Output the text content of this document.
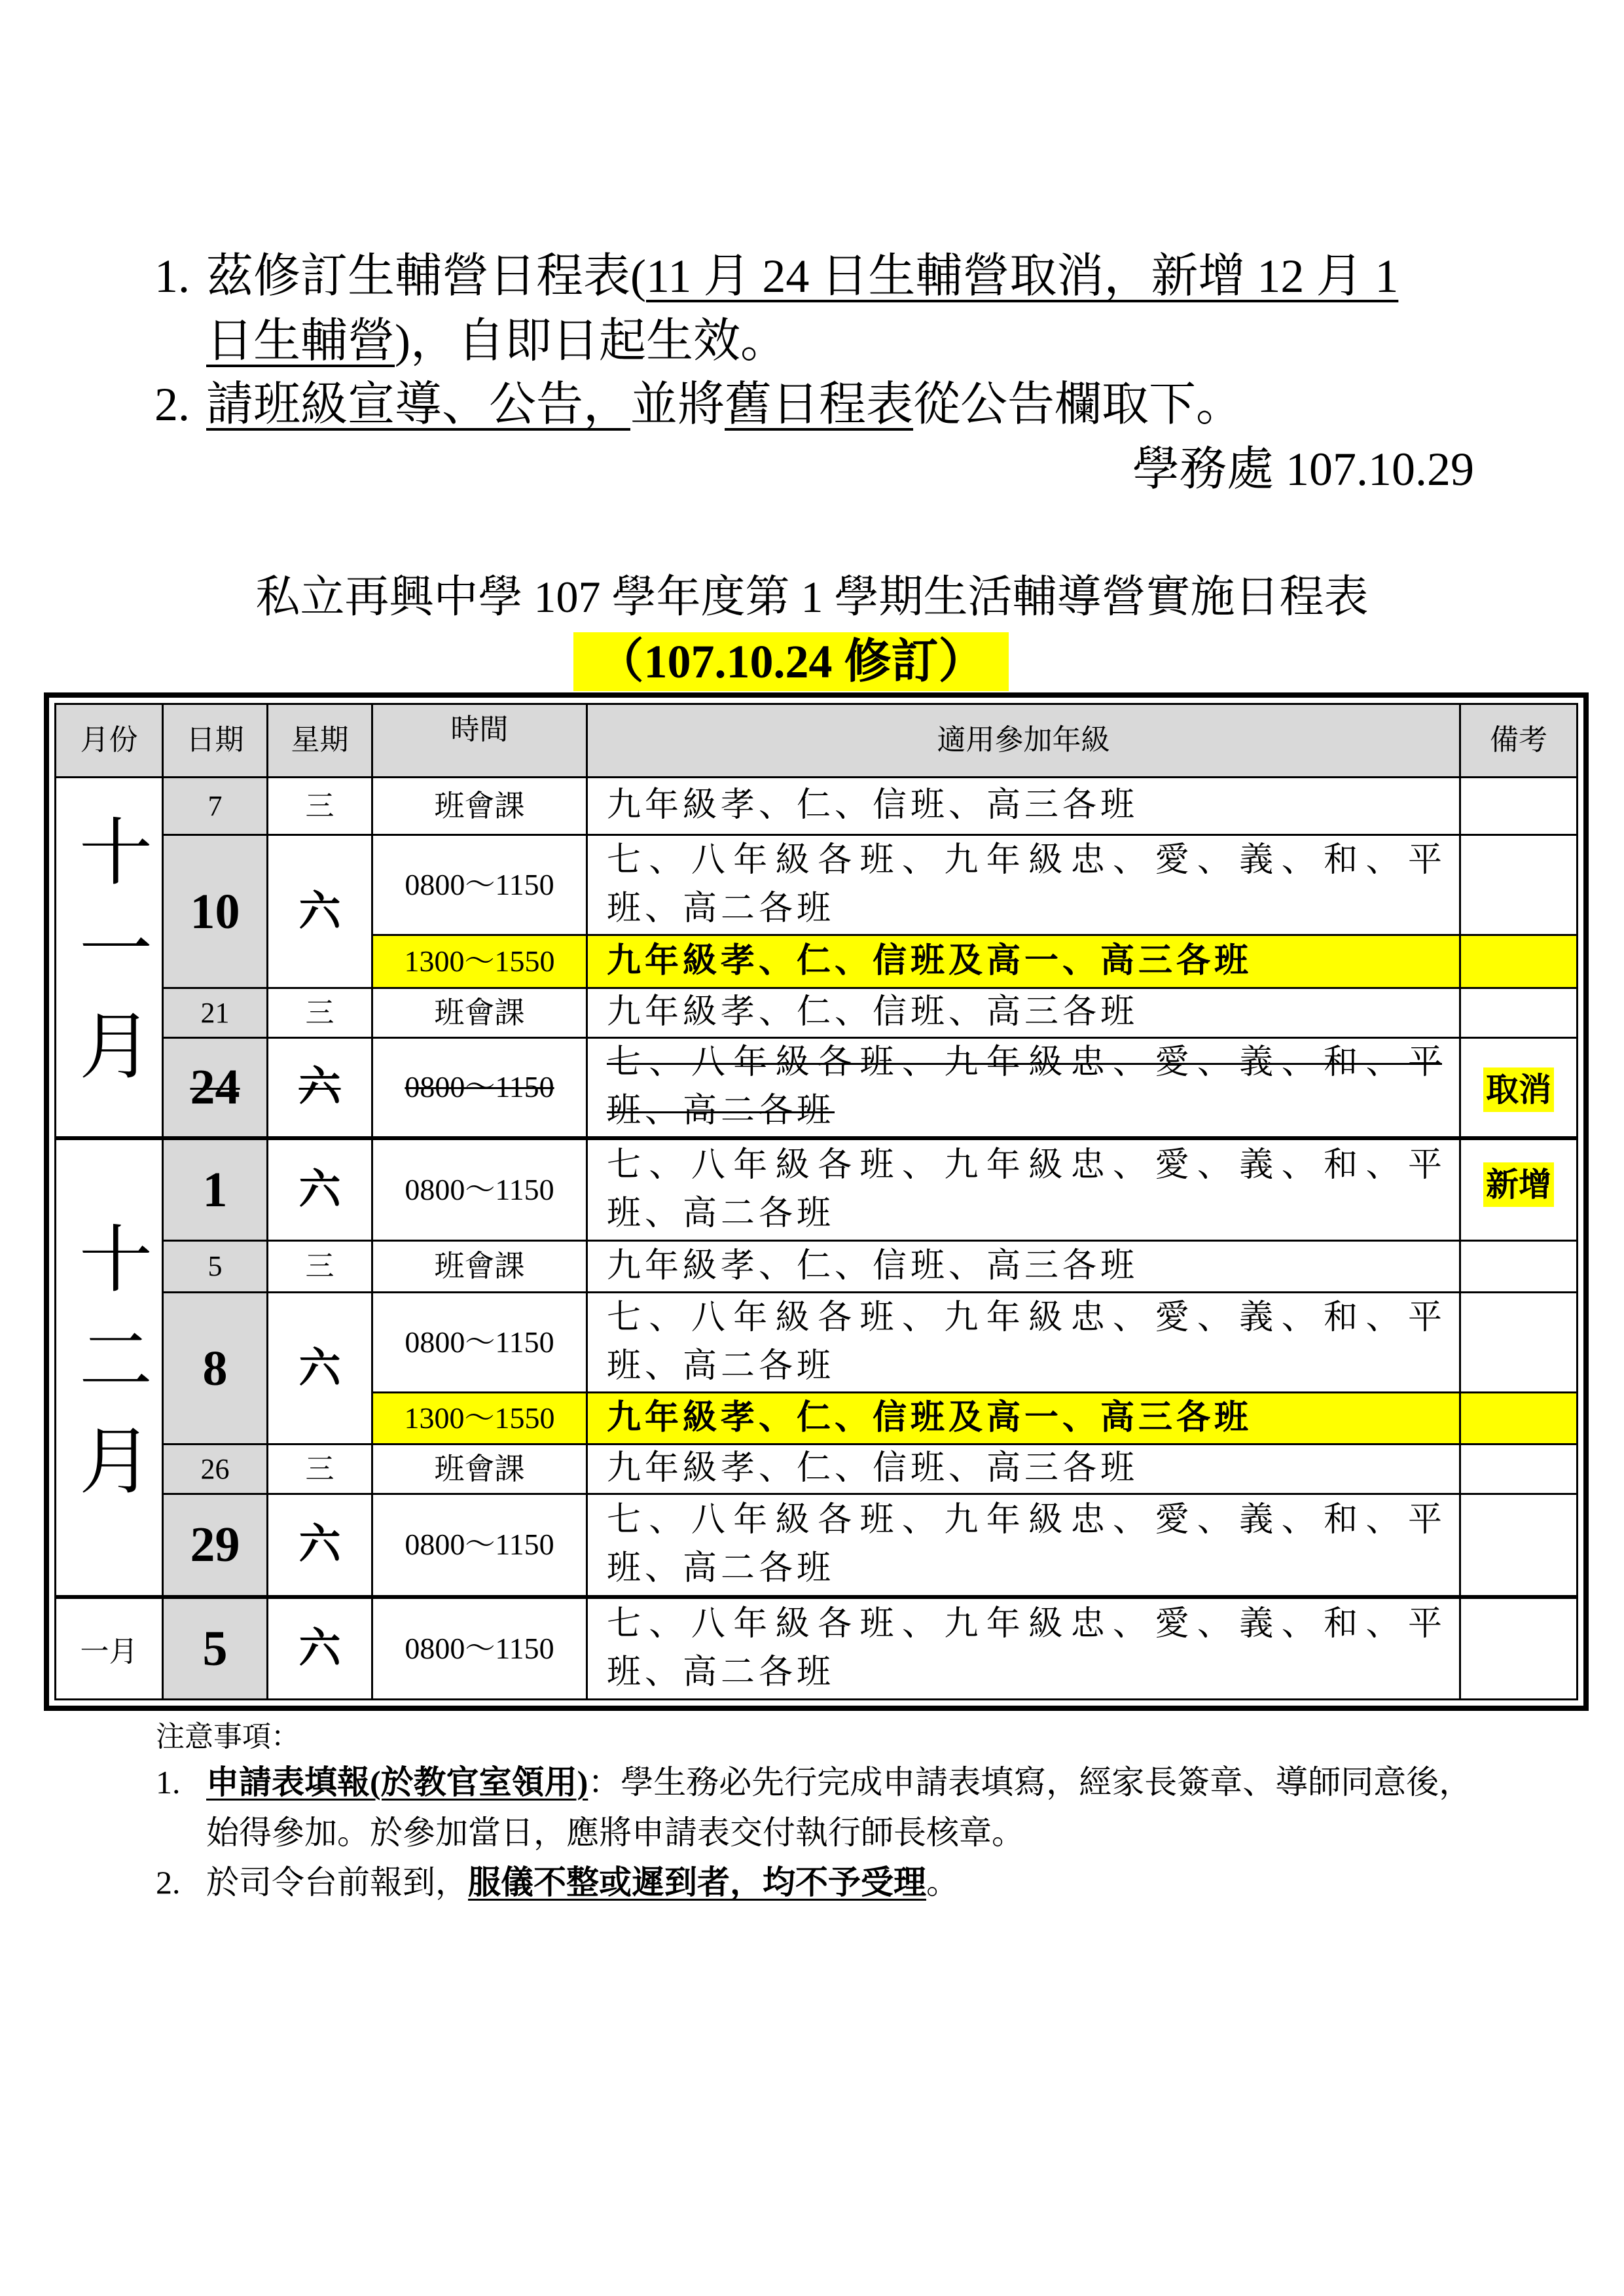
1. 茲修訂生輔營日程表(11 月 24 日生輔營取消，新增 12 月 1
日生輔營)，自即日起生效。
2. 請班級宣導、公告，並將舊日程表從公告欄取下。
學務處 107.10.29
私立再興中學 107 學年度第 1 學期生活輔導營實施日程表
（107.10.24 修訂）
月份	日期	星期	時間	適用參加年級	備考
十一月	7	三	班會課	九年級孝、仁、信班、高三各班	
	10	六	0800～1150	七、八年級各班、九年級忠、愛、義、和、平
班、高二各班	

			1300～1550	九年級孝、仁、信班及高一、高三各班	
	21	三	班會課	九年級孝、仁、信班、高三各班	
	24	六	0800～1150	七、八年級各班、九年級忠、愛、義、和、平
班、高二各班	取消
十二月	1	六	0800～1150	七、八年級各班、九年級忠、愛、義、和、平
班、高二各班	新增
	5	三	班會課	九年級孝、仁、信班、高三各班	
	8	六	0800～1150	七、八年級各班、九年級忠、愛、義、和、平
班、高二各班	

			1300～1550	九年級孝、仁、信班及高一、高三各班	
	26	三	班會課	九年級孝、仁、信班、高三各班	
	29	六	0800～1150	七、八年級各班、九年級忠、愛、義、和、平
班、高二各班	

一月	5	六	0800～1150	七、八年級各班、九年級忠、愛、義、和、平
班、高二各班	

注意事項：
1. 申請表填報(於教官室領用)：學生務必先行完成申請表填寫，經家長簽章、導師同意後，
始得參加。於參加當日，應將申請表交付執行師長核章。
2. 於司令台前報到，服儀不整或遲到者，均不予受理。
